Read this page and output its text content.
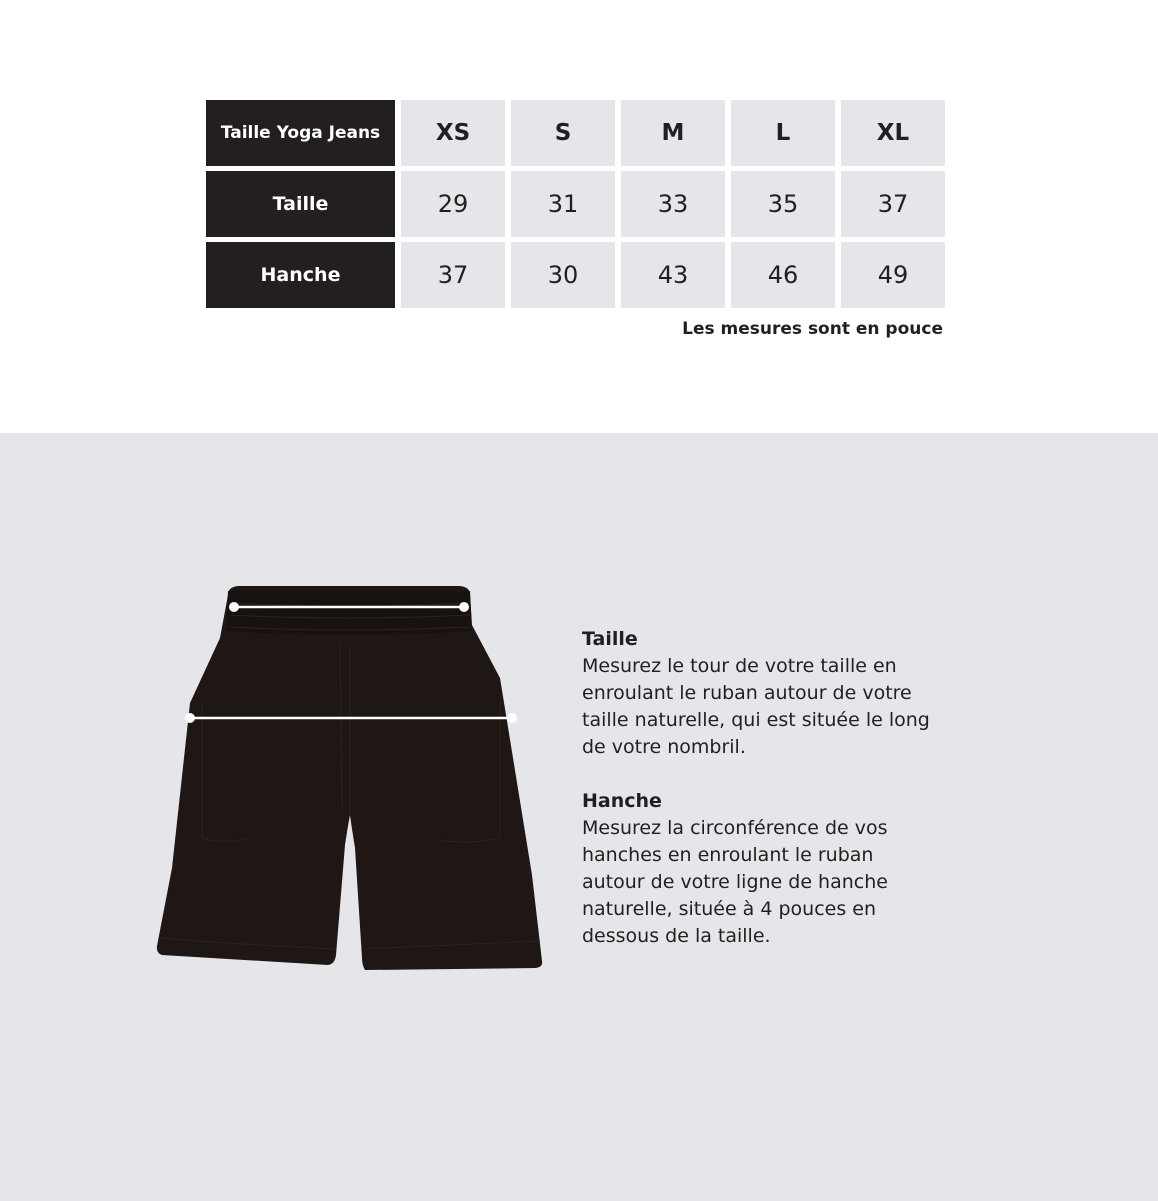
Taille Yoga Jeans	XS	S	M	L	XL
Taille	29	31	33	35	37
Hanche	37	30	43	46	49
Les mesures sont en pouce
Taille
Mesurez le tour de votre taille en enroulant le ruban autour de votre taille naturelle, qui est située le long de votre nombril.
Hanche
Mesurez la circonférence de vos hanches en enroulant le ruban autour de votre ligne de hanche naturelle, située à 4 pouces en dessous de la taille.
